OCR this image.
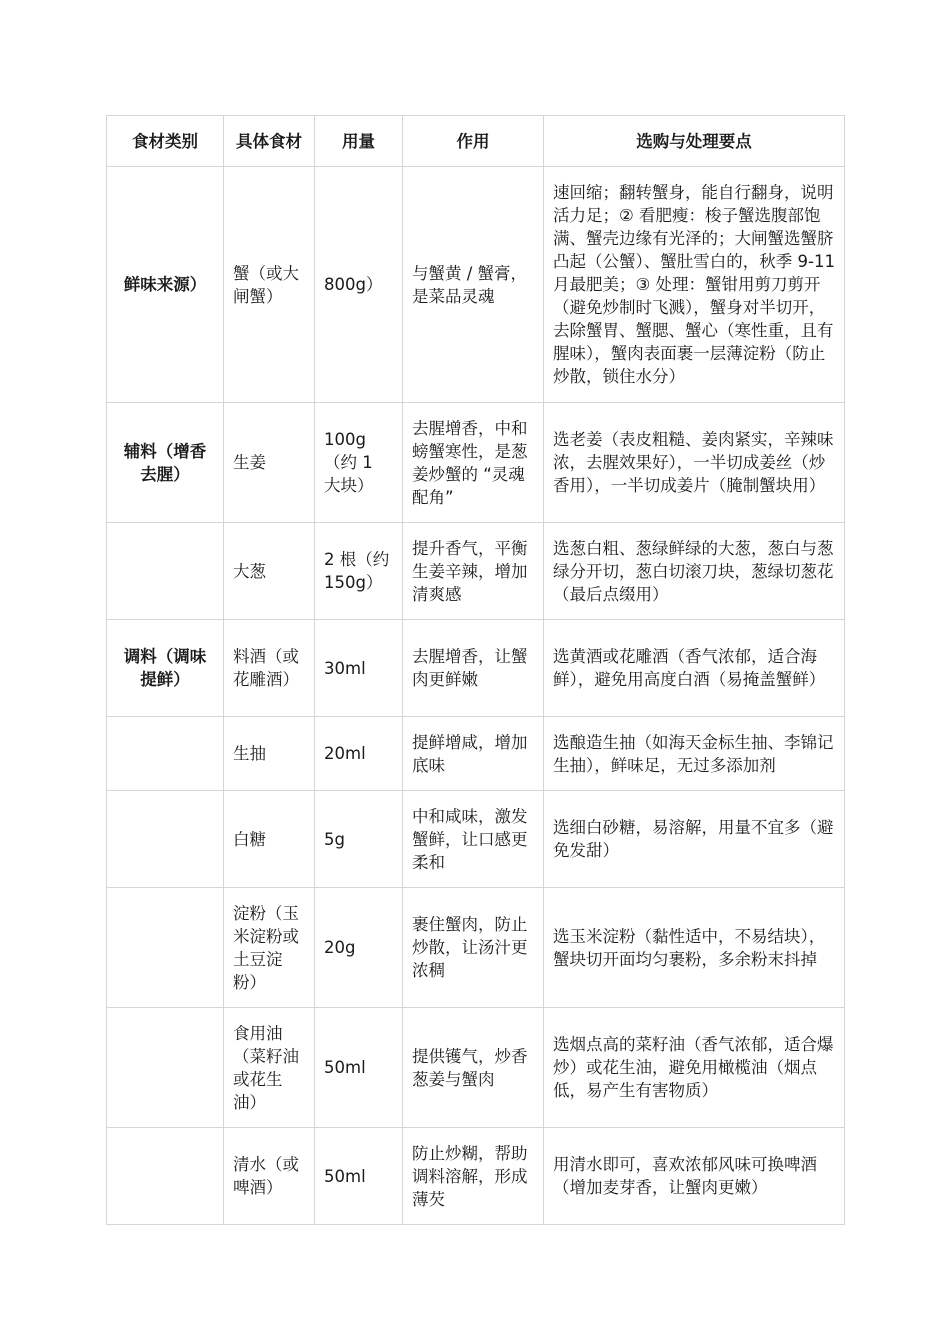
食材类别	具体食材	用量	作用	选购与处理要点
鲜味来源）	蟹（或大闸蟹）	800g）	与蟹黄 / 蟹膏，是菜品灵魂	速回缩；翻转蟹身，能自行翻身，说明活力足；② 看肥瘦：梭子蟹选腹部饱满、蟹壳边缘有光泽的；大闸蟹选蟹脐凸起（公蟹）、蟹肚雪白的，秋季 9-11 月最肥美；③ 处理：蟹钳用剪刀剪开（避免炒制时飞溅），蟹身对半切开，去除蟹胃、蟹腮、蟹心（寒性重，且有腥味），蟹肉表面裹一层薄淀粉（防止炒散，锁住水分）
辅料（增香去腥）	生姜	100g （约 1 大块）	去腥增香，中和螃蟹寒性，是葱姜炒蟹的 “灵魂配角”	选老姜（表皮粗糙、姜肉紧实，辛辣味浓，去腥效果好），一半切成姜丝（炒香用），一半切成姜片（腌制蟹块用）
	大葱	2 根（约 150g）	提升香气，平衡生姜辛辣，增加清爽感	选葱白粗、葱绿鲜绿的大葱，葱白与葱绿分开切，葱白切滚刀块，葱绿切葱花（最后点缀用）
调料（调味提鲜）	料酒（或花雕酒）	30ml	去腥增香，让蟹肉更鲜嫩	选黄酒或花雕酒（香气浓郁，适合海鲜），避免用高度白酒（易掩盖蟹鲜）
	生抽	20ml	提鲜增咸，增加底味	选酿造生抽（如海天金标生抽、李锦记生抽），鲜味足，无过多添加剂
	白糖	5g	中和咸味，激发蟹鲜，让口感更柔和	选细白砂糖，易溶解，用量不宜多（避免发甜）
	淀粉（玉米淀粉或土豆淀粉）	20g	裹住蟹肉，防止炒散，让汤汁更浓稠	选玉米淀粉（黏性适中，不易结块），蟹块切开面均匀裹粉，多余粉末抖掉
	食用油（菜籽油或花生油）	50ml	提供镬气，炒香葱姜与蟹肉	选烟点高的菜籽油（香气浓郁，适合爆炒）或花生油，避免用橄榄油（烟点低，易产生有害物质）
	清水（或啤酒）	50ml	防止炒糊，帮助调料溶解，形成薄芡	用清水即可，喜欢浓郁风味可换啤酒（增加麦芽香，让蟹肉更嫩）
